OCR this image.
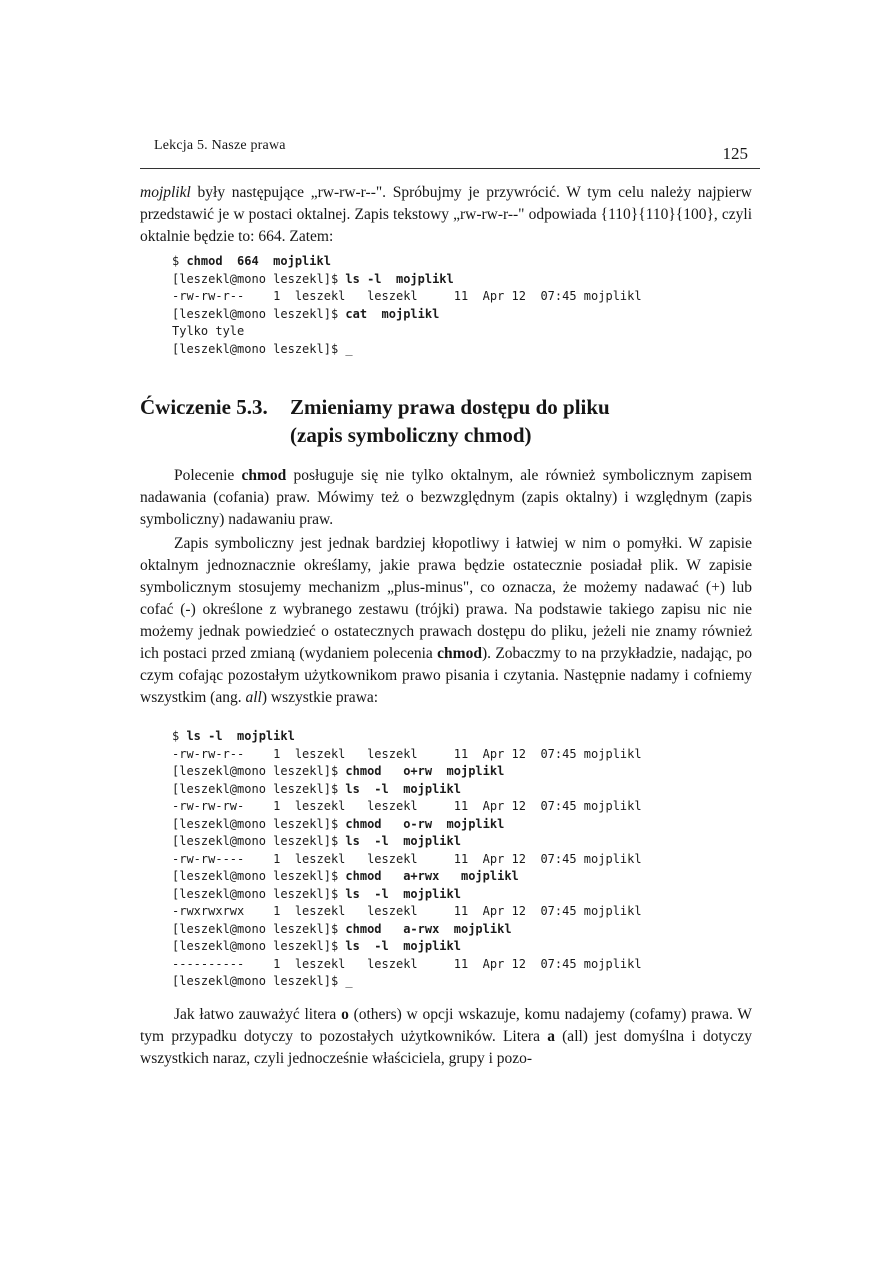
Lekcja 5. Nasze prawa	125

mojplikl były następujące „rw-rw-r--". Spróbujmy je przywrócić. W tym celu należy najpierw przedstawić je w postaci oktalnej. Zapis tekstowy „rw-rw-r--" odpowiada {110}{110}{100}, czyli oktalnie będzie to: 664. Zatem:

$ chmod  664  mojplikl
[leszekl@mono leszekl]$ ls -l  mojplikl
-rw-rw-r--    1  leszekl   leszekl     11  Apr 12  07:45 mojplikl
[leszekl@mono leszekl]$ cat  mojplikl
Tylko tyle
[leszekl@mono leszekl]$ _
Ćwiczenie 5.3. Zmieniamy prawa dostępu do pliku
(zapis symboliczny chmod)

Polecenie chmod posługuje się nie tylko oktalnym, ale również symbolicznym zapisem nadawania (cofania) praw. Mówimy też o bezwzględnym (zapis oktalny) i względnym (zapis symboliczny) nadawaniu praw.

Zapis symboliczny jest jednak bardziej kłopotliwy i łatwiej w nim o pomyłki. W zapisie oktalnym jednoznacznie określamy, jakie prawa będzie ostatecznie posiadał plik. W zapisie symbolicznym stosujemy mechanizm „plus-minus", co oznacza, że możemy nadawać (+) lub cofać (-) określone z wybranego zestawu (trójki) prawa. Na podstawie takiego zapisu nic nie możemy jednak powiedzieć o ostatecznych prawach dostępu do pliku, jeżeli nie znamy również ich postaci przed zmianą (wydaniem polecenia chmod). Zobaczmy to na przykładzie, nadając, po czym cofając pozostałym użytkownikom prawo pisania i czytania. Następnie nadamy i cofniemy wszystkim (ang. all) wszystkie prawa:

$ ls -l  mojplikl
-rw-rw-r--    1  leszekl   leszekl     11  Apr 12  07:45 mojplikl
[leszekl@mono leszekl]$ chmod   o+rw  mojplikl
[leszekl@mono leszekl]$ ls  -l  mojplikl
-rw-rw-rw-    1  leszekl   leszekl     11  Apr 12  07:45 mojplikl
[leszekl@mono leszekl]$ chmod   o-rw  mojplikl
[leszekl@mono leszekl]$ ls  -l  mojplikl
-rw-rw----    1  leszekl   leszekl     11  Apr 12  07:45 mojplikl
[leszekl@mono leszekl]$ chmod   a+rwx   mojplikl
[leszekl@mono leszekl]$ ls  -l  mojplikl
-rwxrwxrwx    1  leszekl   leszekl     11  Apr 12  07:45 mojplikl
[leszekl@mono leszekl]$ chmod   a-rwx  mojplikl
[leszekl@mono leszekl]$ ls  -l  mojplikl
----------    1  leszekl   leszekl     11  Apr 12  07:45 mojplikl
[leszekl@mono leszekl]$ _

Jak łatwo zauważyć litera o (others) w opcji wskazuje, komu nadajemy (cofamy) prawa. W tym przypadku dotyczy to pozostałych użytkowników. Litera a (all) jest domyślna i dotyczy wszystkich naraz, czyli jednocześnie właściciela, grupy i pozo-
